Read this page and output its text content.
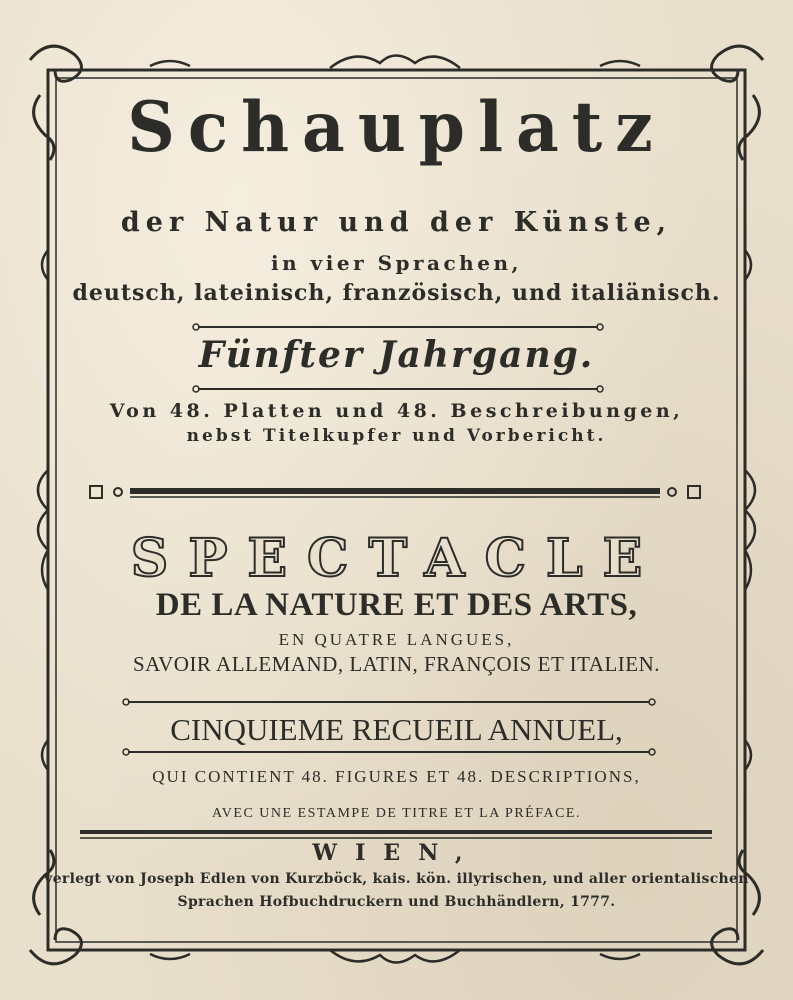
Schauplatz
der Natur und der Künste,
in vier Sprachen,
deutsch, lateinisch, französisch, und italiänisch.
Fünfter Jahrgang.
Von 48. Platten und 48. Beschreibungen,
nebst Titelkupfer und Vorbericht.
SPECTACLE
DE LA NATURE ET DES ARTS,
EN QUATRE LANGUES,
SAVOIR ALLEMAND, LATIN, FRANÇOIS ET ITALIEN.
CINQUIEME RECUEIL ANNUEL,
QUI CONTIENT 48. FIGURES ET 48. DESCRIPTIONS,
AVEC UNE ESTAMPE DE TITRE ET LA PRÉFACE.
WIEN,
verlegt von Joseph Edlen von Kurzböck, kais. kön. illyrischen, und aller orientalischen
Sprachen Hofbuchdruckern und Buchhändlern, 1777.
